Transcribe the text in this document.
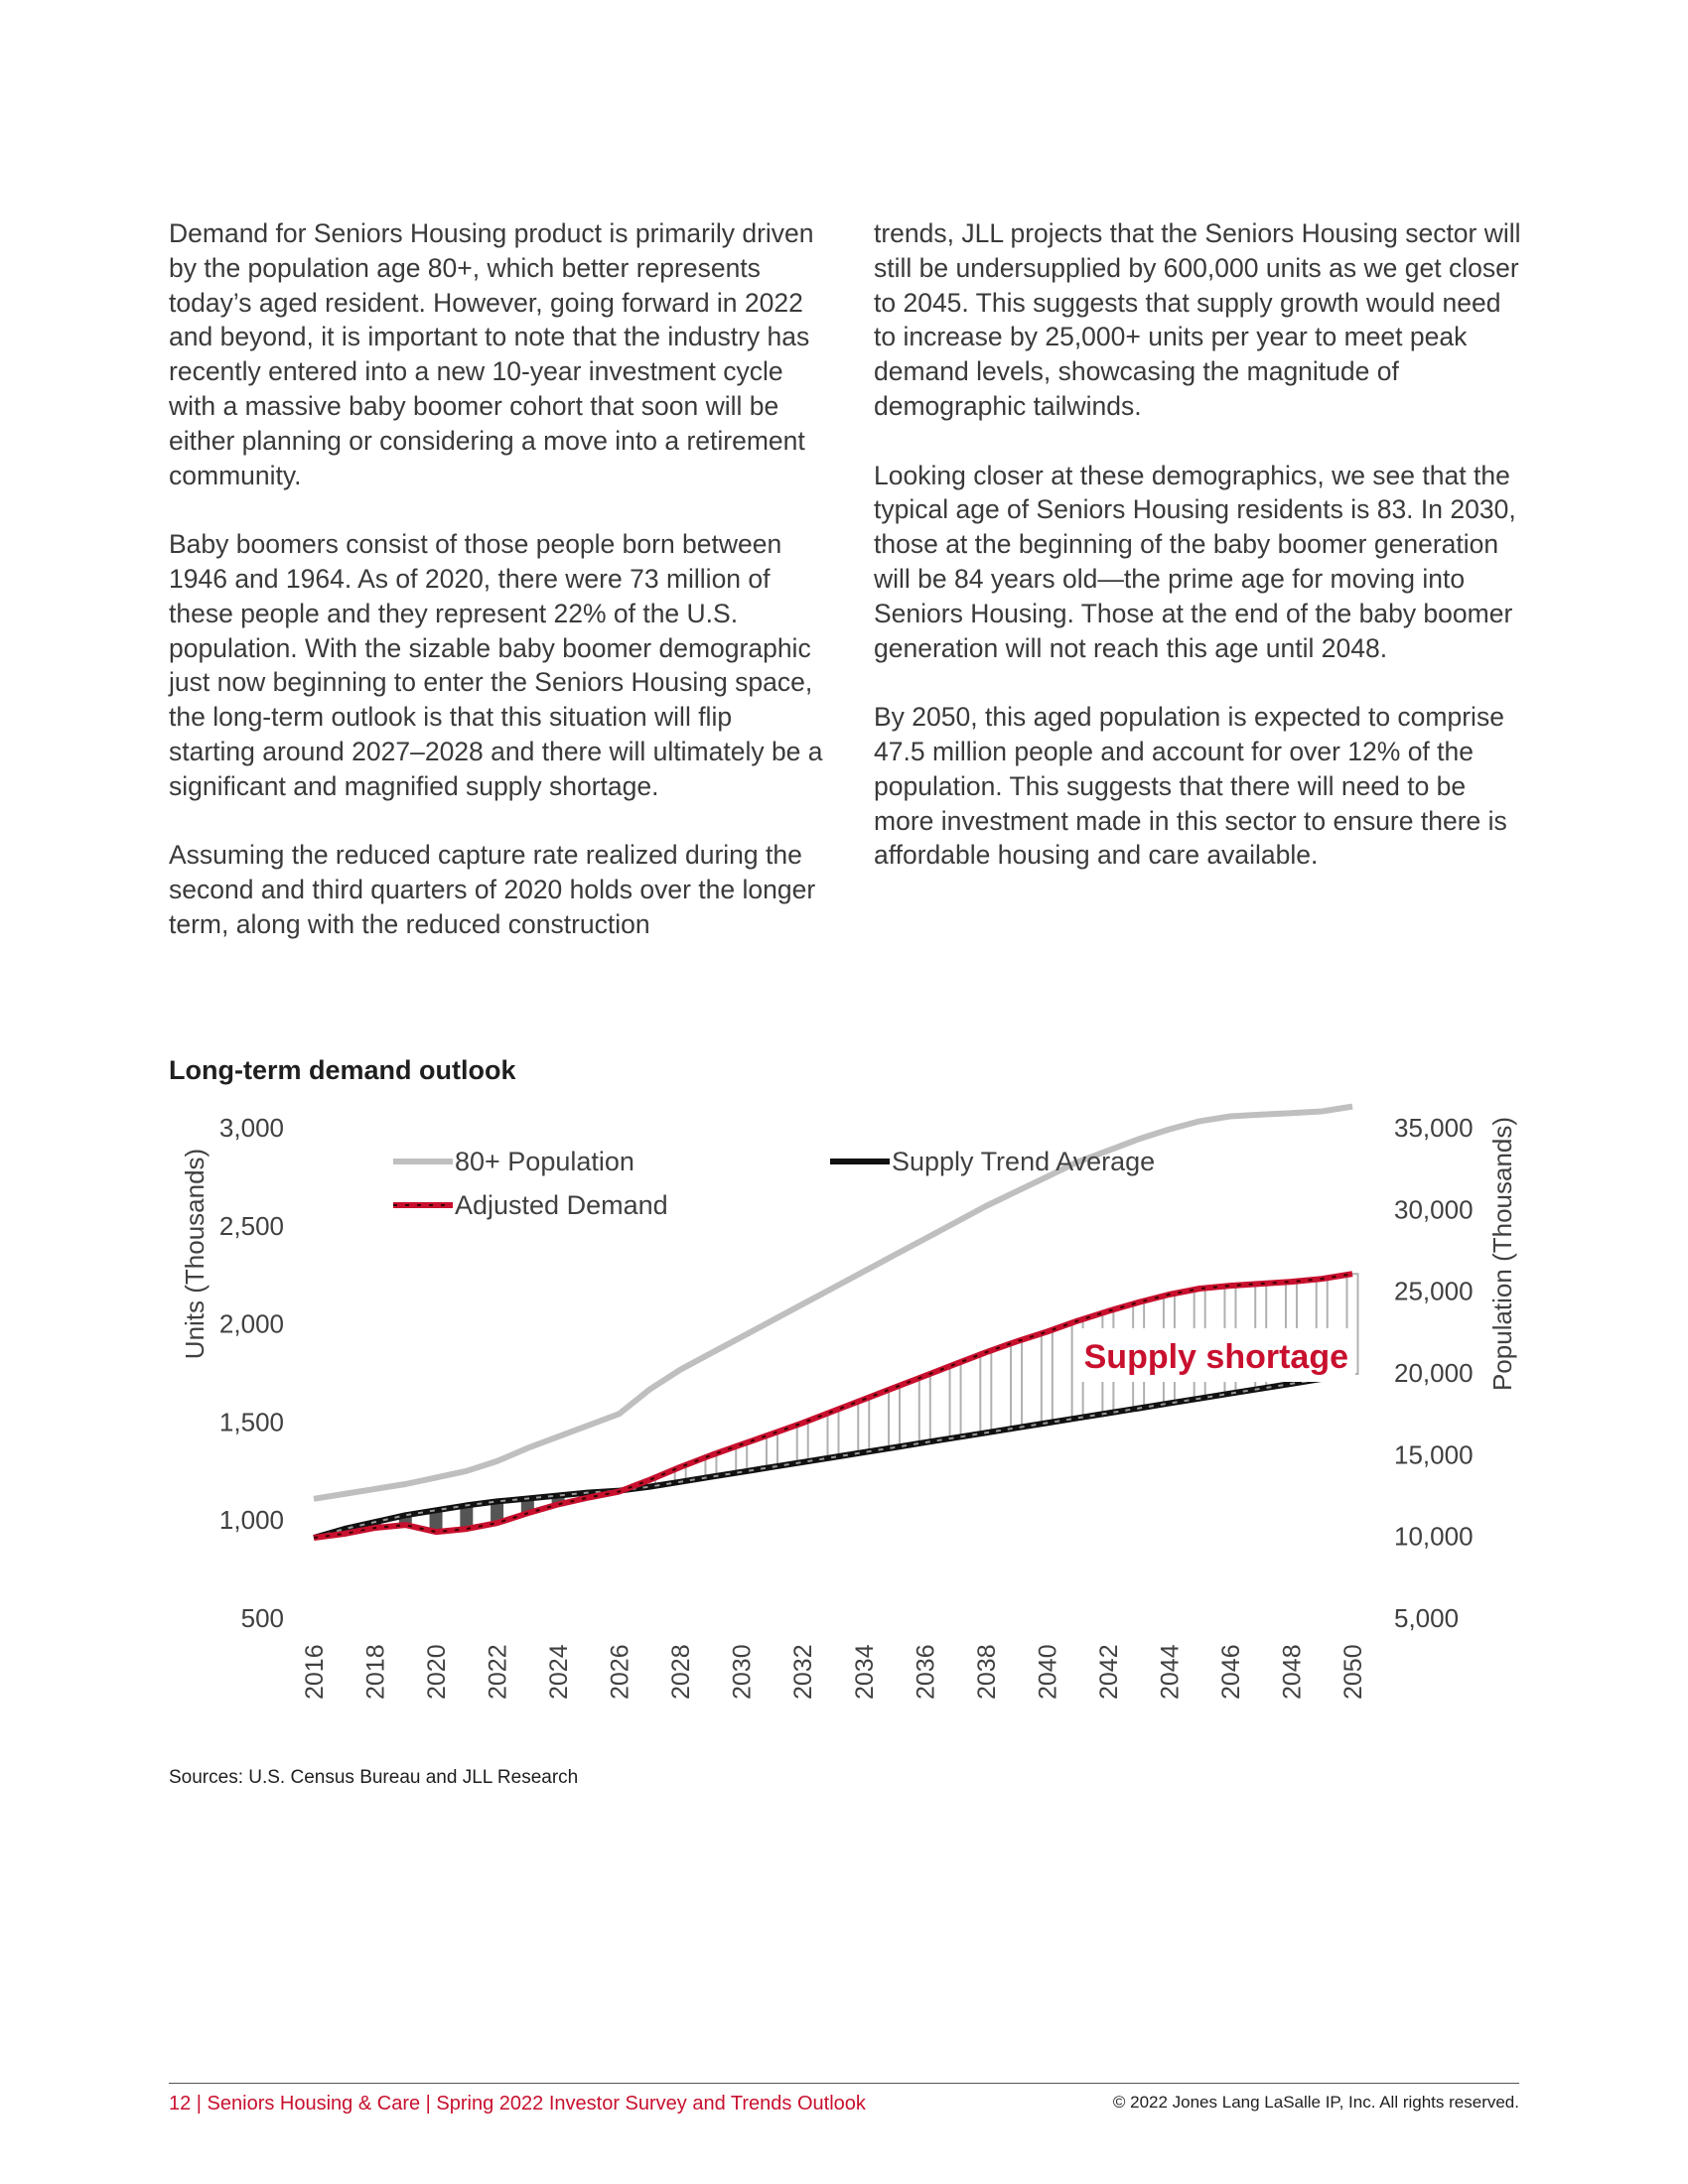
Demand for Seniors Housing product is primarily driven by the population age 80+, which better represents today’s aged resident. However, going forward in 2022 and beyond, it is important to note that the industry has recently entered into a new 10-year investment cycle with a massive baby boomer cohort that soon will be either planning or considering a move into a retirement community.

Baby boomers consist of those people born between 1946 and 1964. As of 2020, there were 73 million of these people and they represent 22% of the U.S. population. With the sizable baby boomer demographic just now beginning to enter the Seniors Housing space, the long-term outlook is that this situation will flip starting around 2027–2028 and there will ultimately be a significant and magnified supply shortage.

Assuming the reduced capture rate realized during the second and third quarters of 2020 holds over the longer term, along with the reduced construction

trends, JLL projects that the Seniors Housing sector will still be undersupplied by 600,000 units as we get closer to 2045. This suggests that supply growth would need to increase by 25,000+ units per year to meet peak demand levels, showcasing the magnitude of demographic tailwinds.

Looking closer at these demographics, we see that the typical age of Seniors Housing residents is 83. In 2030, those at the beginning of the baby boomer generation will be 84 years old—the prime age for moving into Seniors Housing. Those at the end of the baby boomer generation will not reach this age until 2048.

By 2050, this aged population is expected to comprise 47.5 million people and account for over 12% of the population. This suggests that there will need to be more investment made in this sector to ensure there is affordable housing and care available.

Long-term demand outlook
3,000
2,500
2,000
1,500
1,000
500
35,000
30,000
25,000
20,000
15,000
10,000
5,000
Units (Thousands)	Population (Thousands)
2016 2018 2020 2022 2024 2026 2028 2030 2032 2034 2036 2038 2040 2042 2044 2046 2048 2050
80+ Population	Supply Trend Average
Adjusted Demand
Supply shortage
Sources: U.S. Census Bureau and JLL Research
12 | Seniors Housing & Care | Spring 2022 Investor Survey and Trends Outlook	© 2022 Jones Lang LaSalle IP, Inc. All rights reserved.
